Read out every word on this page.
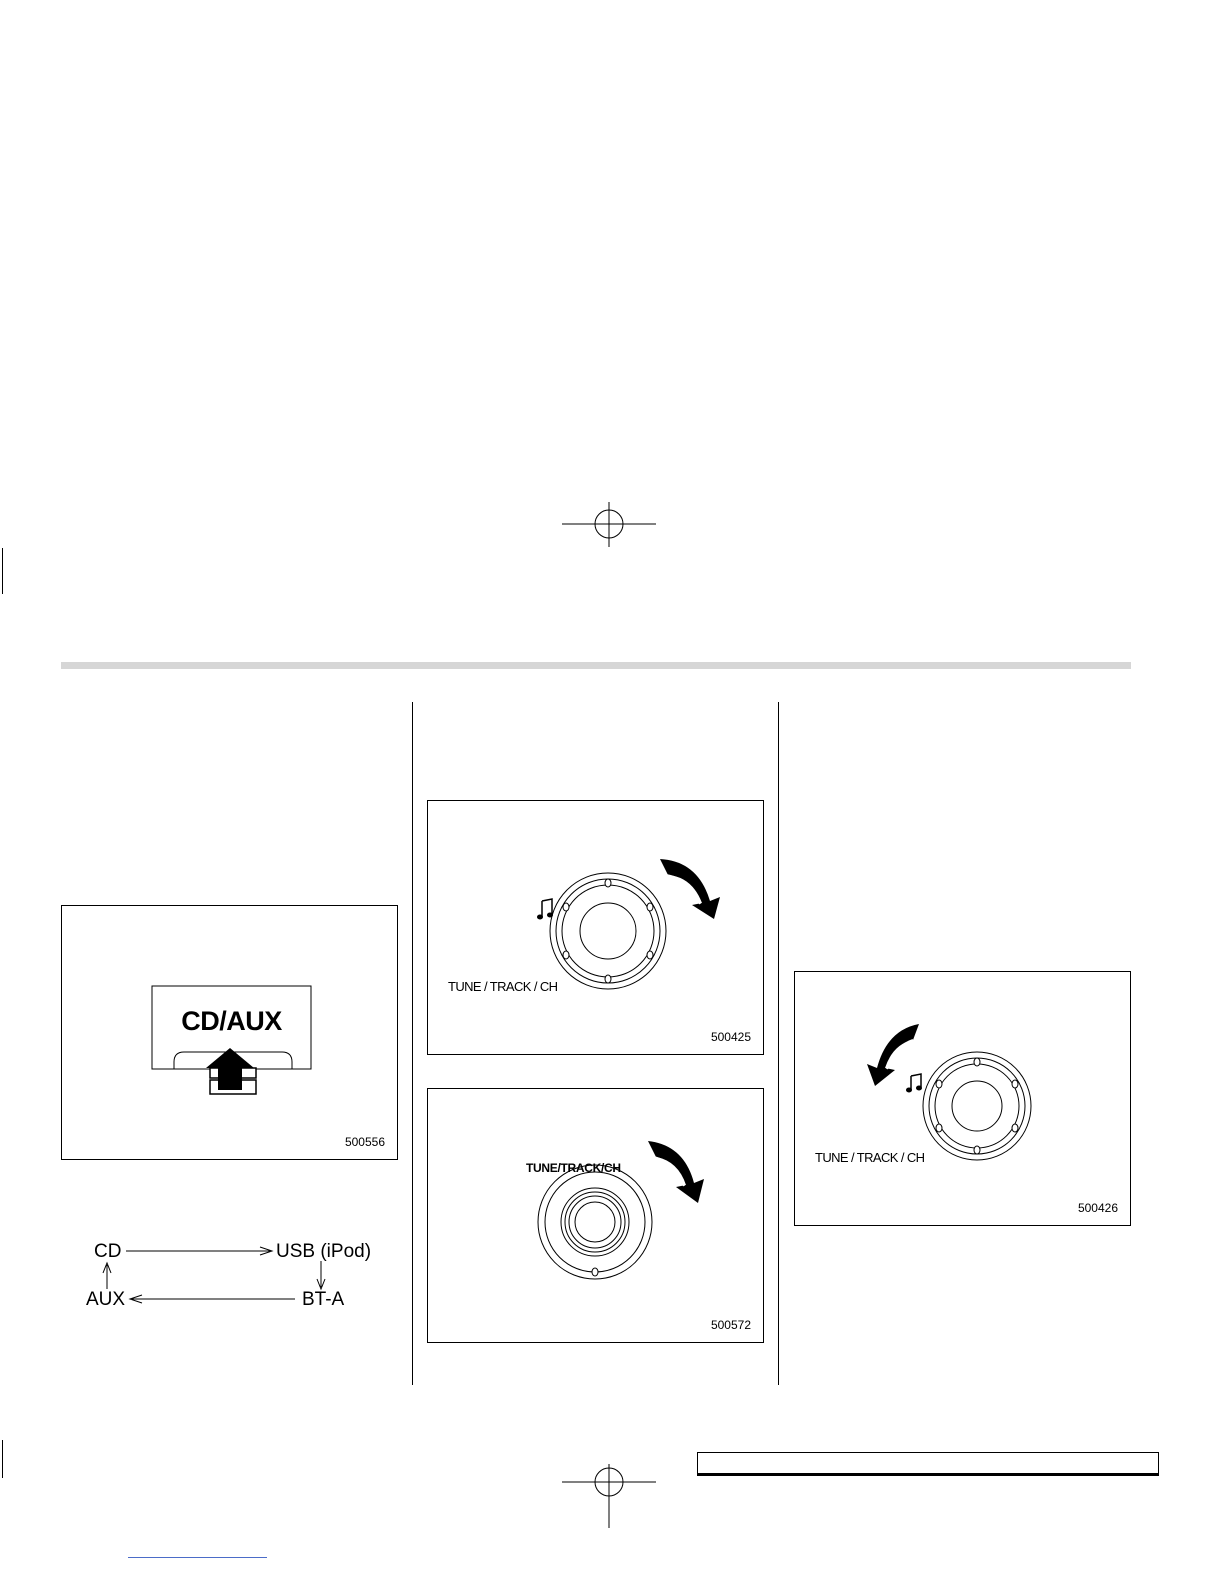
CD/AUX
500556
CD	USB (iPod)
BT-A
AUX
TUNE / TRACK / CH
500425
TUNE/TRACK/CH
500572
TUNE / TRACK / CH
500426
